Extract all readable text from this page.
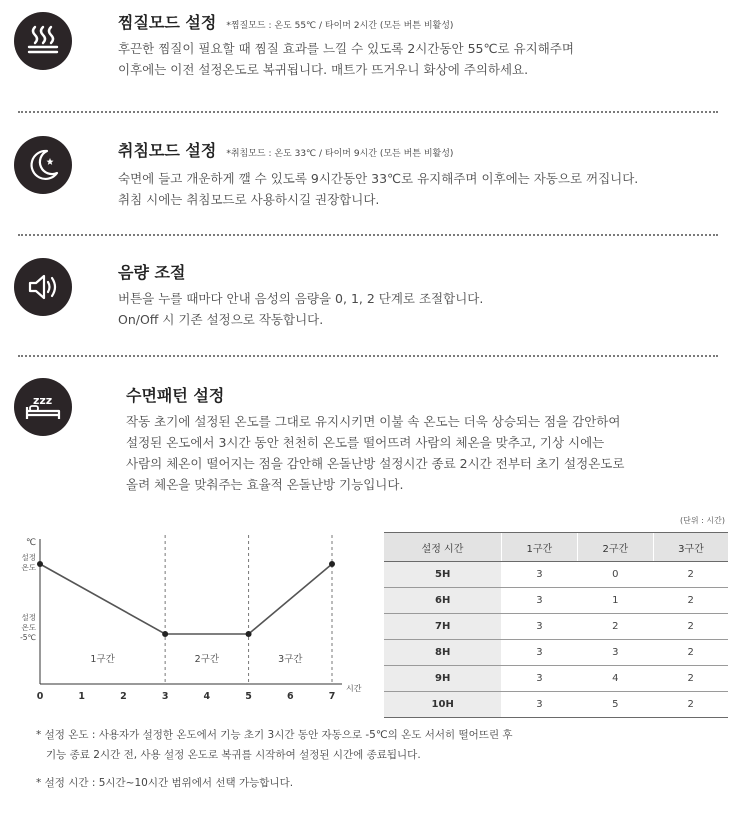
찜질모드 설정 *찜질모드 : 온도 55℃ / 타이머 2시간 (모든 버튼 비활성)
후끈한 찜질이 필요할 때 찜질 효과를 느낄 수 있도록 2시간동안 55℃로 유지해주며
이후에는 이전 설정온도로 복귀됩니다. 매트가 뜨거우니 화상에 주의하세요.
취침모드 설정 *취침모드 : 온도 33℃ / 타이머 9시간 (모든 버튼 비활성)
숙면에 들고 개운하게 깰 수 있도록 9시간동안 33℃로 유지해주며 이후에는 자동으로 꺼집니다.
취침 시에는 취침모드로 사용하시길 권장합니다.
음량 조절
버튼을 누를 때마다 안내 음성의 음량을 0, 1, 2 단계로 조절합니다.
On/Off 시 기존 설정으로 작동합니다.
zzz	수면패턴 설정
작동 초기에 설정된 온도를 그대로 유지시키면 이불 속 온도는 더욱 상승되는 점을 감안하여
설정된 온도에서 3시간 동안 천천히 온도를 떨어뜨려 사람의 체온을 맞추고, 기상 시에는
사람의 체온이 떨어지는 점을 감안해 온돌난방 설정시간 종료 2시간 전부터 초기 설정온도로
올려 체온을 맞춰주는 효율적 온돌난방 기능입니다.
℃
설정
온도
설정
온도
-5℃
1구간	2구간	3구간
0	1	2	3	4	5	6	7
시간
(단위 : 시간)
설정 시간	1구간	2구간	3구간
5H	3	0	2
6H	3	1	2
7H	3	2	2
8H	3	3	2
9H	3	4	2
10H	3	5	2
* 설정 온도 : 사용자가 설정한 온도에서 기능 초기 3시간 동안 자동으로 -5℃의 온도 서서히 떨어뜨린 후
기능 종료 2시간 전, 사용 설정 온도로 복귀를 시작하여 설정된 시간에 종료됩니다.
* 설정 시간 : 5시간~10시간 범위에서 선택 가능합니다.
